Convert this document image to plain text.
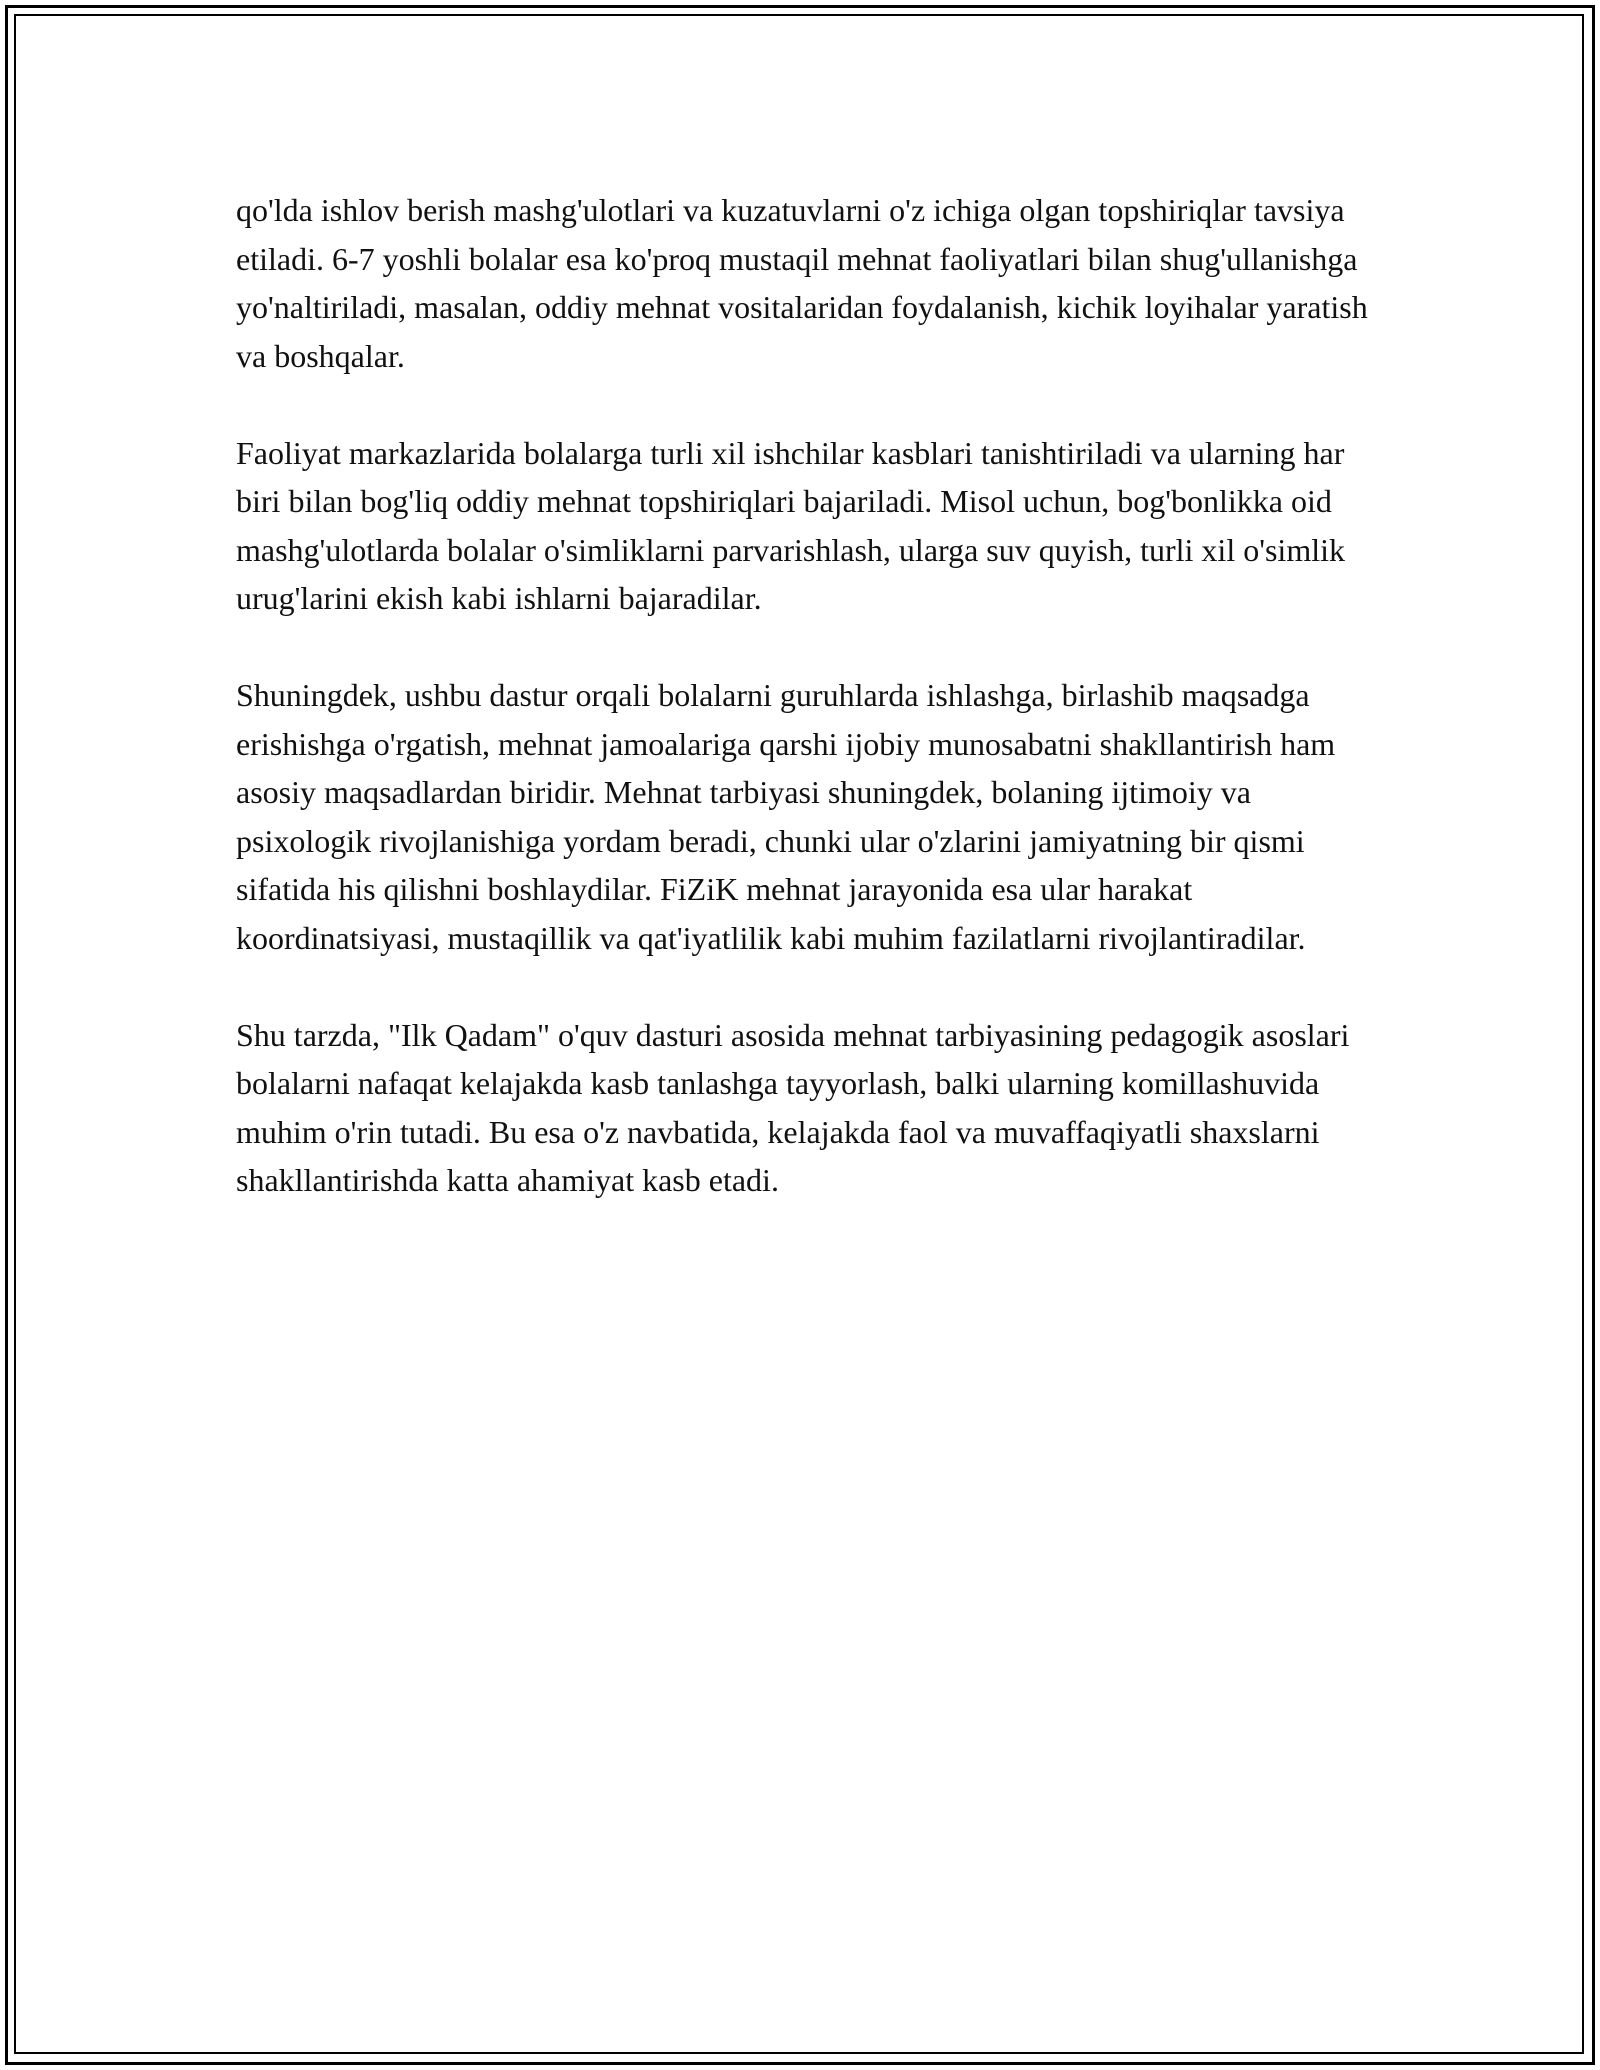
qo'lda ishlov berish mashg'ulotlari va kuzatuvlarni o'z ichiga olgan topshiriqlar tavsiya etiladi. 6-7 yoshli bolalar esa ko'proq mustaqil mehnat faoliyatlari bilan shug'ullanishga yo'naltiriladi, masalan, oddiy mehnat vositalaridan foydalanish, kichik loyihalar yaratish va boshqalar.

Faoliyat markazlarida bolalarga turli xil ishchilar kasblari tanishtiriladi va ularning har biri bilan bog'liq oddiy mehnat topshiriqlari bajariladi. Misol uchun, bog'bonlikka oid mashg'ulotlarda bolalar o'simliklarni parvarishlash, ularga suv quyish, turli xil o'simlik urug'larini ekish kabi ishlarni bajaradilar.

Shuningdek, ushbu dastur orqali bolalarni guruhlarda ishlashga, birlashib maqsadga erishishga o'rgatish, mehnat jamoalariga qarshi ijobiy munosabatni shakllantirish ham asosiy maqsadlardan biridir. Mehnat tarbiyasi shuningdek, bolaning ijtimoiy va psixologik rivojlanishiga yordam beradi, chunki ular o'zlarini jamiyatning bir qismi sifatida his qilishni boshlaydilar. FiZiK mehnat jarayonida esa ular harakat koordinatsiyasi, mustaqillik va qat'iyatlilik kabi muhim fazilatlarni rivojlantiradilar.

Shu tarzda, "Ilk Qadam" o'quv dasturi asosida mehnat tarbiyasining pedagogik asoslari bolalarni nafaqat kelajakda kasb tanlashga tayyorlash, balki ularning komillashuvida muhim o'rin tutadi. Bu esa o'z navbatida, kelajakda faol va muvaffaqiyatli shaxslarni shakllantirishda katta ahamiyat kasb etadi.
